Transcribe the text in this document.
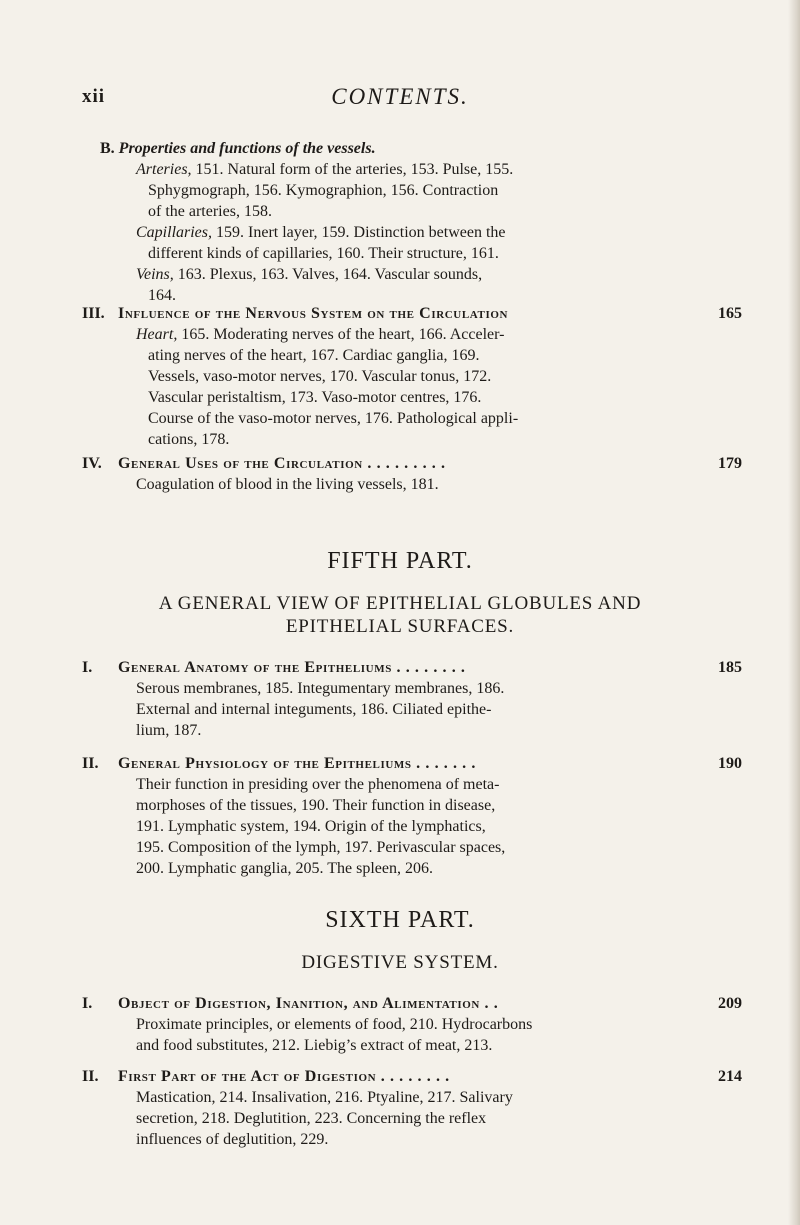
xii	CONTENTS.
B. Properties and functions of the vessels.
Arteries, 151. Natural form of the arteries, 153. Pulse, 155.
Sphygmograph, 156. Kymographion, 156. Contraction
of the arteries, 158.
Capillaries, 159. Inert layer, 159. Distinction between the
different kinds of capillaries, 160. Their structure, 161.
Veins, 163. Plexus, 163. Valves, 164. Vascular sounds,
164.
III. Influence of the Nervous System on the Circulation	165
Heart, 165. Moderating nerves of the heart, 166. Acceler-
ating nerves of the heart, 167. Cardiac ganglia, 169.
Vessels, vaso-motor nerves, 170. Vascular tonus, 172.
Vascular peristaltism, 173. Vaso-motor centres, 176.
Course of the vaso-motor nerves, 176. Pathological appli-
cations, 178.
IV. General Uses of the Circulation . . . . . . . . .	179
Coagulation of blood in the living vessels, 181.
FIFTH PART.
A GENERAL VIEW OF EPITHELIAL GLOBULES AND
EPITHELIAL SURFACES.
I. General Anatomy of the Epitheliums . . . . . . . .	185
Serous membranes, 185. Integumentary membranes, 186.
External and internal integuments, 186. Ciliated epithe-
lium, 187.
II. General Physiology of the Epitheliums . . . . . . .	190
Their function in presiding over the phenomena of meta-
morphoses of the tissues, 190. Their function in disease,
191. Lymphatic system, 194. Origin of the lymphatics,
195. Composition of the lymph, 197. Perivascular spaces,
200. Lymphatic ganglia, 205. The spleen, 206.
SIXTH PART.
DIGESTIVE SYSTEM.
I. Object of Digestion, Inanition, and Alimentation . .	209
Proximate principles, or elements of food, 210. Hydrocarbons
and food substitutes, 212. Liebig’s extract of meat, 213.
II. First Part of the Act of Digestion . . . . . . . .	214
Mastication, 214. Insalivation, 216. Ptyaline, 217. Salivary
secretion, 218. Deglutition, 223. Concerning the reflex
influences of deglutition, 229.
